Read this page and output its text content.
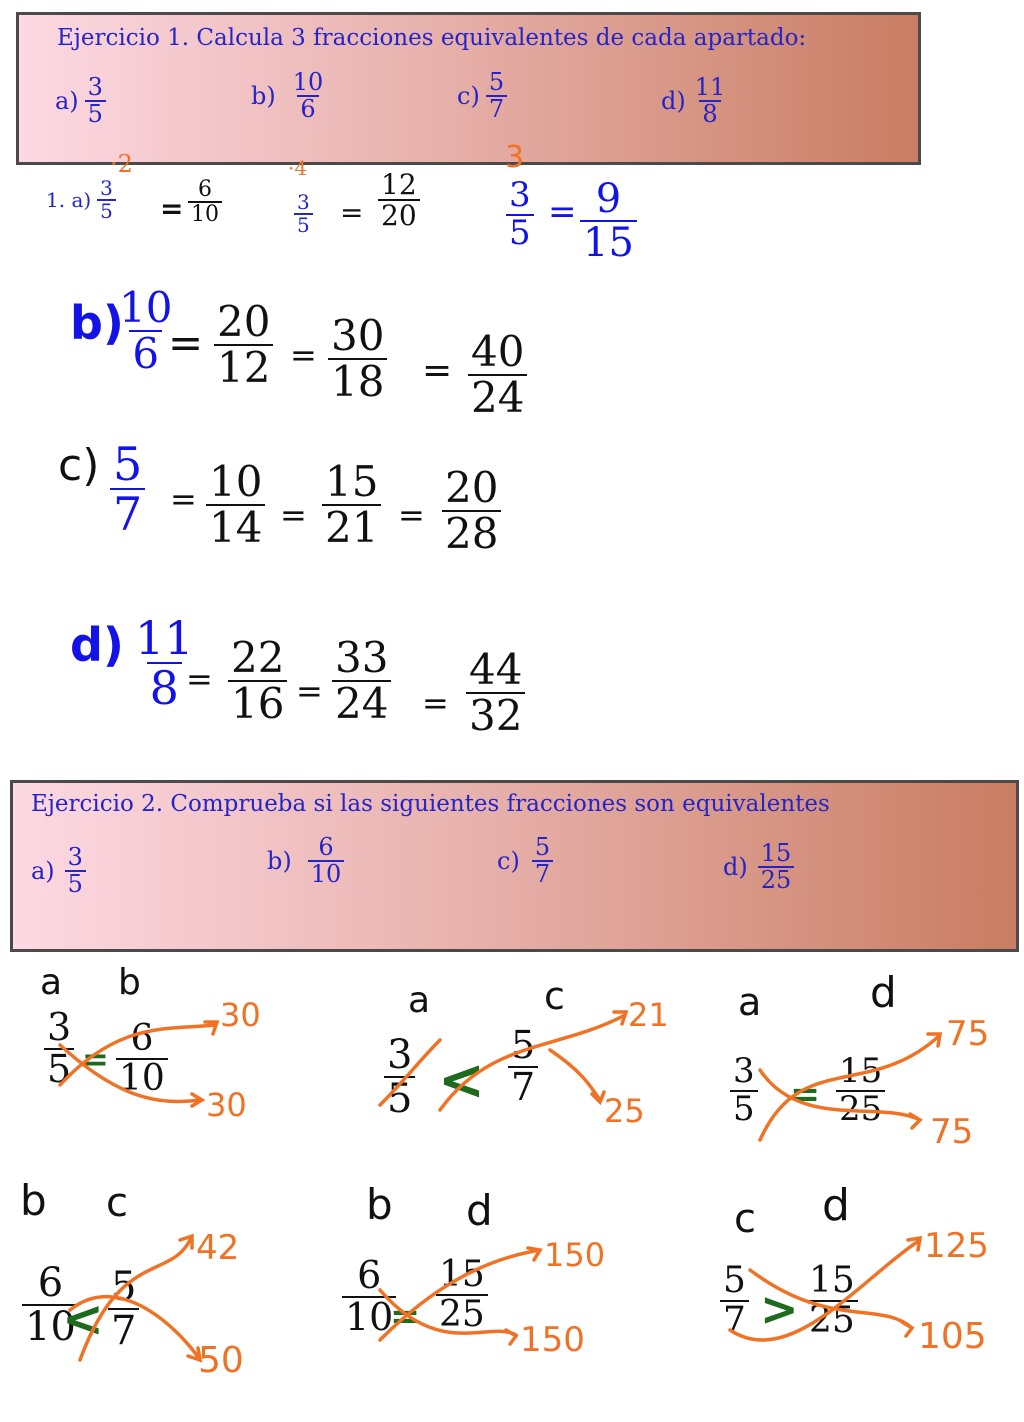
Ejercicio 1. Calcula 3 fracciones equivalentes de cada apartado:
$a) \frac{3}{5}$	$b) \frac{10}{6}$	$c) \frac{5}{7}$	$d) \frac{11}{8}$
·2	·4	3
1. $a) \frac{3}{5} = \frac{6}{10}$	$\frac{3}{5} = \frac{12}{20}$	$\frac{3}{5} = \frac{9}{15}$
b)
$\frac{10}{6}$
= $\frac{20}{12} = \frac{30}{18} = \frac{40}{24}$
$c) \frac{5}{7} = \frac{10}{14} = \frac{15}{21} = \frac{20}{28}$
$d) \frac{11}{8}$
= $\frac{22}{16} = \frac{33}{24} = \frac{44}{32}$
Ejercicio 2. Comprueba si las siguientes fracciones son equivalentes
$a) \frac{3}{5}$	$b) \frac{6}{10}$	$c) \frac{5}{7}$	$d) \frac{15}{25}$
a b
$\frac{3}{5} = \frac{6}{10}$
30
30
a	c
$\frac{3}{5} < \frac{5}{7}$
21
25
a	d
$\frac{3}{5} = \frac{15}{25}$
75
75
b c
$\frac{6}{10}$
< $\frac{5}{7}$
42
50
b d
$\frac{6}{10}$
= $\frac{15}{25}$
150
150
c d
$\frac{5}{7} > \frac{15}{25}$
125
105
